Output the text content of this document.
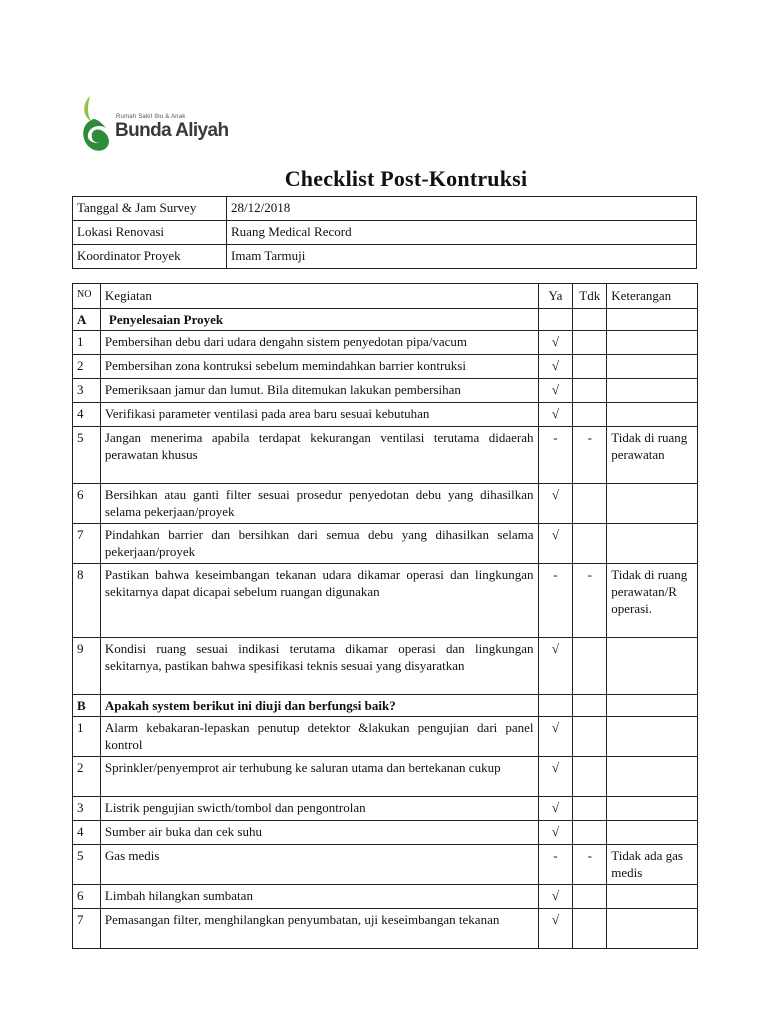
Rumah Sakit Ibu & Anak
Bunda Aliyah
Checklist Post-Kontruksi
Tanggal & Jam Survey	28/12/2018
Lokasi Renovasi	Ruang Medical Record
Koordinator Proyek	Imam Tarmuji
NO	Kegiatan	Ya	Tdk	Keterangan
A	Penyelesaian Proyek			
1	Pembersihan debu dari udara dengahn sistem penyedotan pipa/vacum	√		
2	Pembersihan zona kontruksi sebelum memindahkan barrier kontruksi	√		
3	Pemeriksaan jamur dan lumut. Bila ditemukan lakukan pembersihan	√		
4	Verifikasi parameter ventilasi pada area baru sesuai kebutuhan	√		
5	Jangan menerima apabila terdapat kekurangan ventilasi terutama didaerah perawatan khusus	-	-	Tidak di ruang perawatan
6	Bersihkan atau ganti filter sesuai prosedur penyedotan debu yang dihasilkan selama pekerjaan/proyek	√		
7	Pindahkan barrier dan bersihkan dari semua debu yang dihasilkan selama pekerjaan/proyek	√		
8	Pastikan bahwa keseimbangan tekanan udara dikamar operasi dan lingkungan sekitarnya dapat dicapai sebelum ruangan digunakan	-	-	Tidak di ruang perawatan/R operasi.
9	Kondisi ruang sesuai indikasi terutama dikamar operasi dan lingkungan sekitarnya, pastikan bahwa spesifikasi teknis sesuai yang disyaratkan	√		
B	Apakah system berikut ini diuji dan berfungsi baik?			
1	Alarm kebakaran-lepaskan penutup detektor &lakukan pengujian dari panel kontrol	√		
2	Sprinkler/penyemprot air terhubung ke saluran utama dan bertekanan cukup	√		
3	Listrik pengujian swicth/tombol dan pengontrolan	√		
4	Sumber air buka dan cek suhu	√		
5	Gas medis	-	-	Tidak ada gas medis
6	Limbah hilangkan sumbatan	√		
7	Pemasangan filter, menghilangkan penyumbatan, uji keseimbangan tekanan	√		
